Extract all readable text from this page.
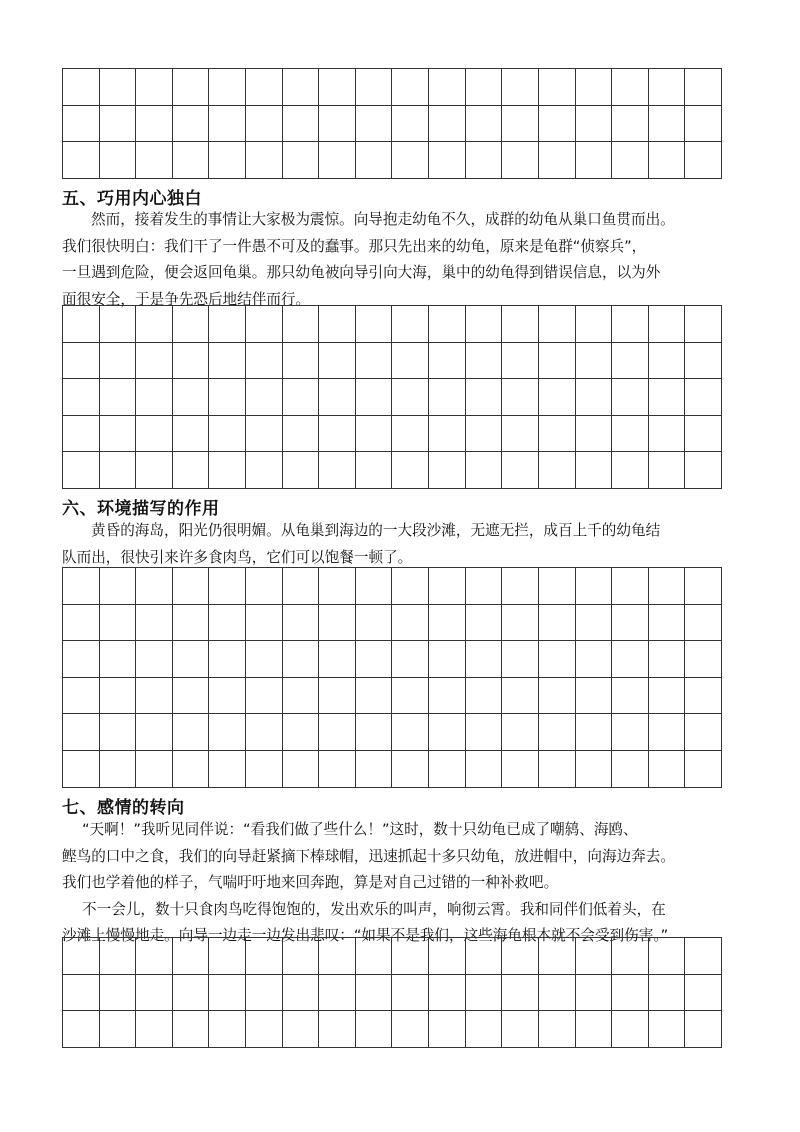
五、巧用内心独白
然而，接着发生的事情让大家极为震惊。向导抱走幼龟不久，成群的幼龟从巢口鱼贯而出。
我们很快明白：我们干了一件愚不可及的蠢事。那只先出来的幼龟，原来是龟群“侦察兵”，
一旦遇到危险，便会返回龟巢。那只幼龟被向导引向大海，巢中的幼龟得到错误信息，以为外
面很安全，于是争先恐后地结伴而行。

六、环境描写的作用
黄昏的海岛，阳光仍很明媚。从龟巢到海边的一大段沙滩，无遮无拦，成百上千的幼龟结
队而出，很快引来许多食肉鸟，它们可以饱餐一顿了。

七、感情的转向
“天啊！”我听见同伴说：“看我们做了些什么！”这时，数十只幼龟已成了嘲鸫、海鸥、
鲣鸟的口中之食，我们的向导赶紧摘下棒球帽，迅速抓起十多只幼龟，放进帽中，向海边奔去。
我们也学着他的样子，气喘吁吁地来回奔跑，算是对自己过错的一种补救吧。
不一会儿，数十只食肉鸟吃得饱饱的，发出欢乐的叫声，响彻云霄。我和同伴们低着头，在
沙滩上慢慢地走。向导一边走一边发出悲叹：“如果不是我们，这些海龟根本就不会受到伤害。”
